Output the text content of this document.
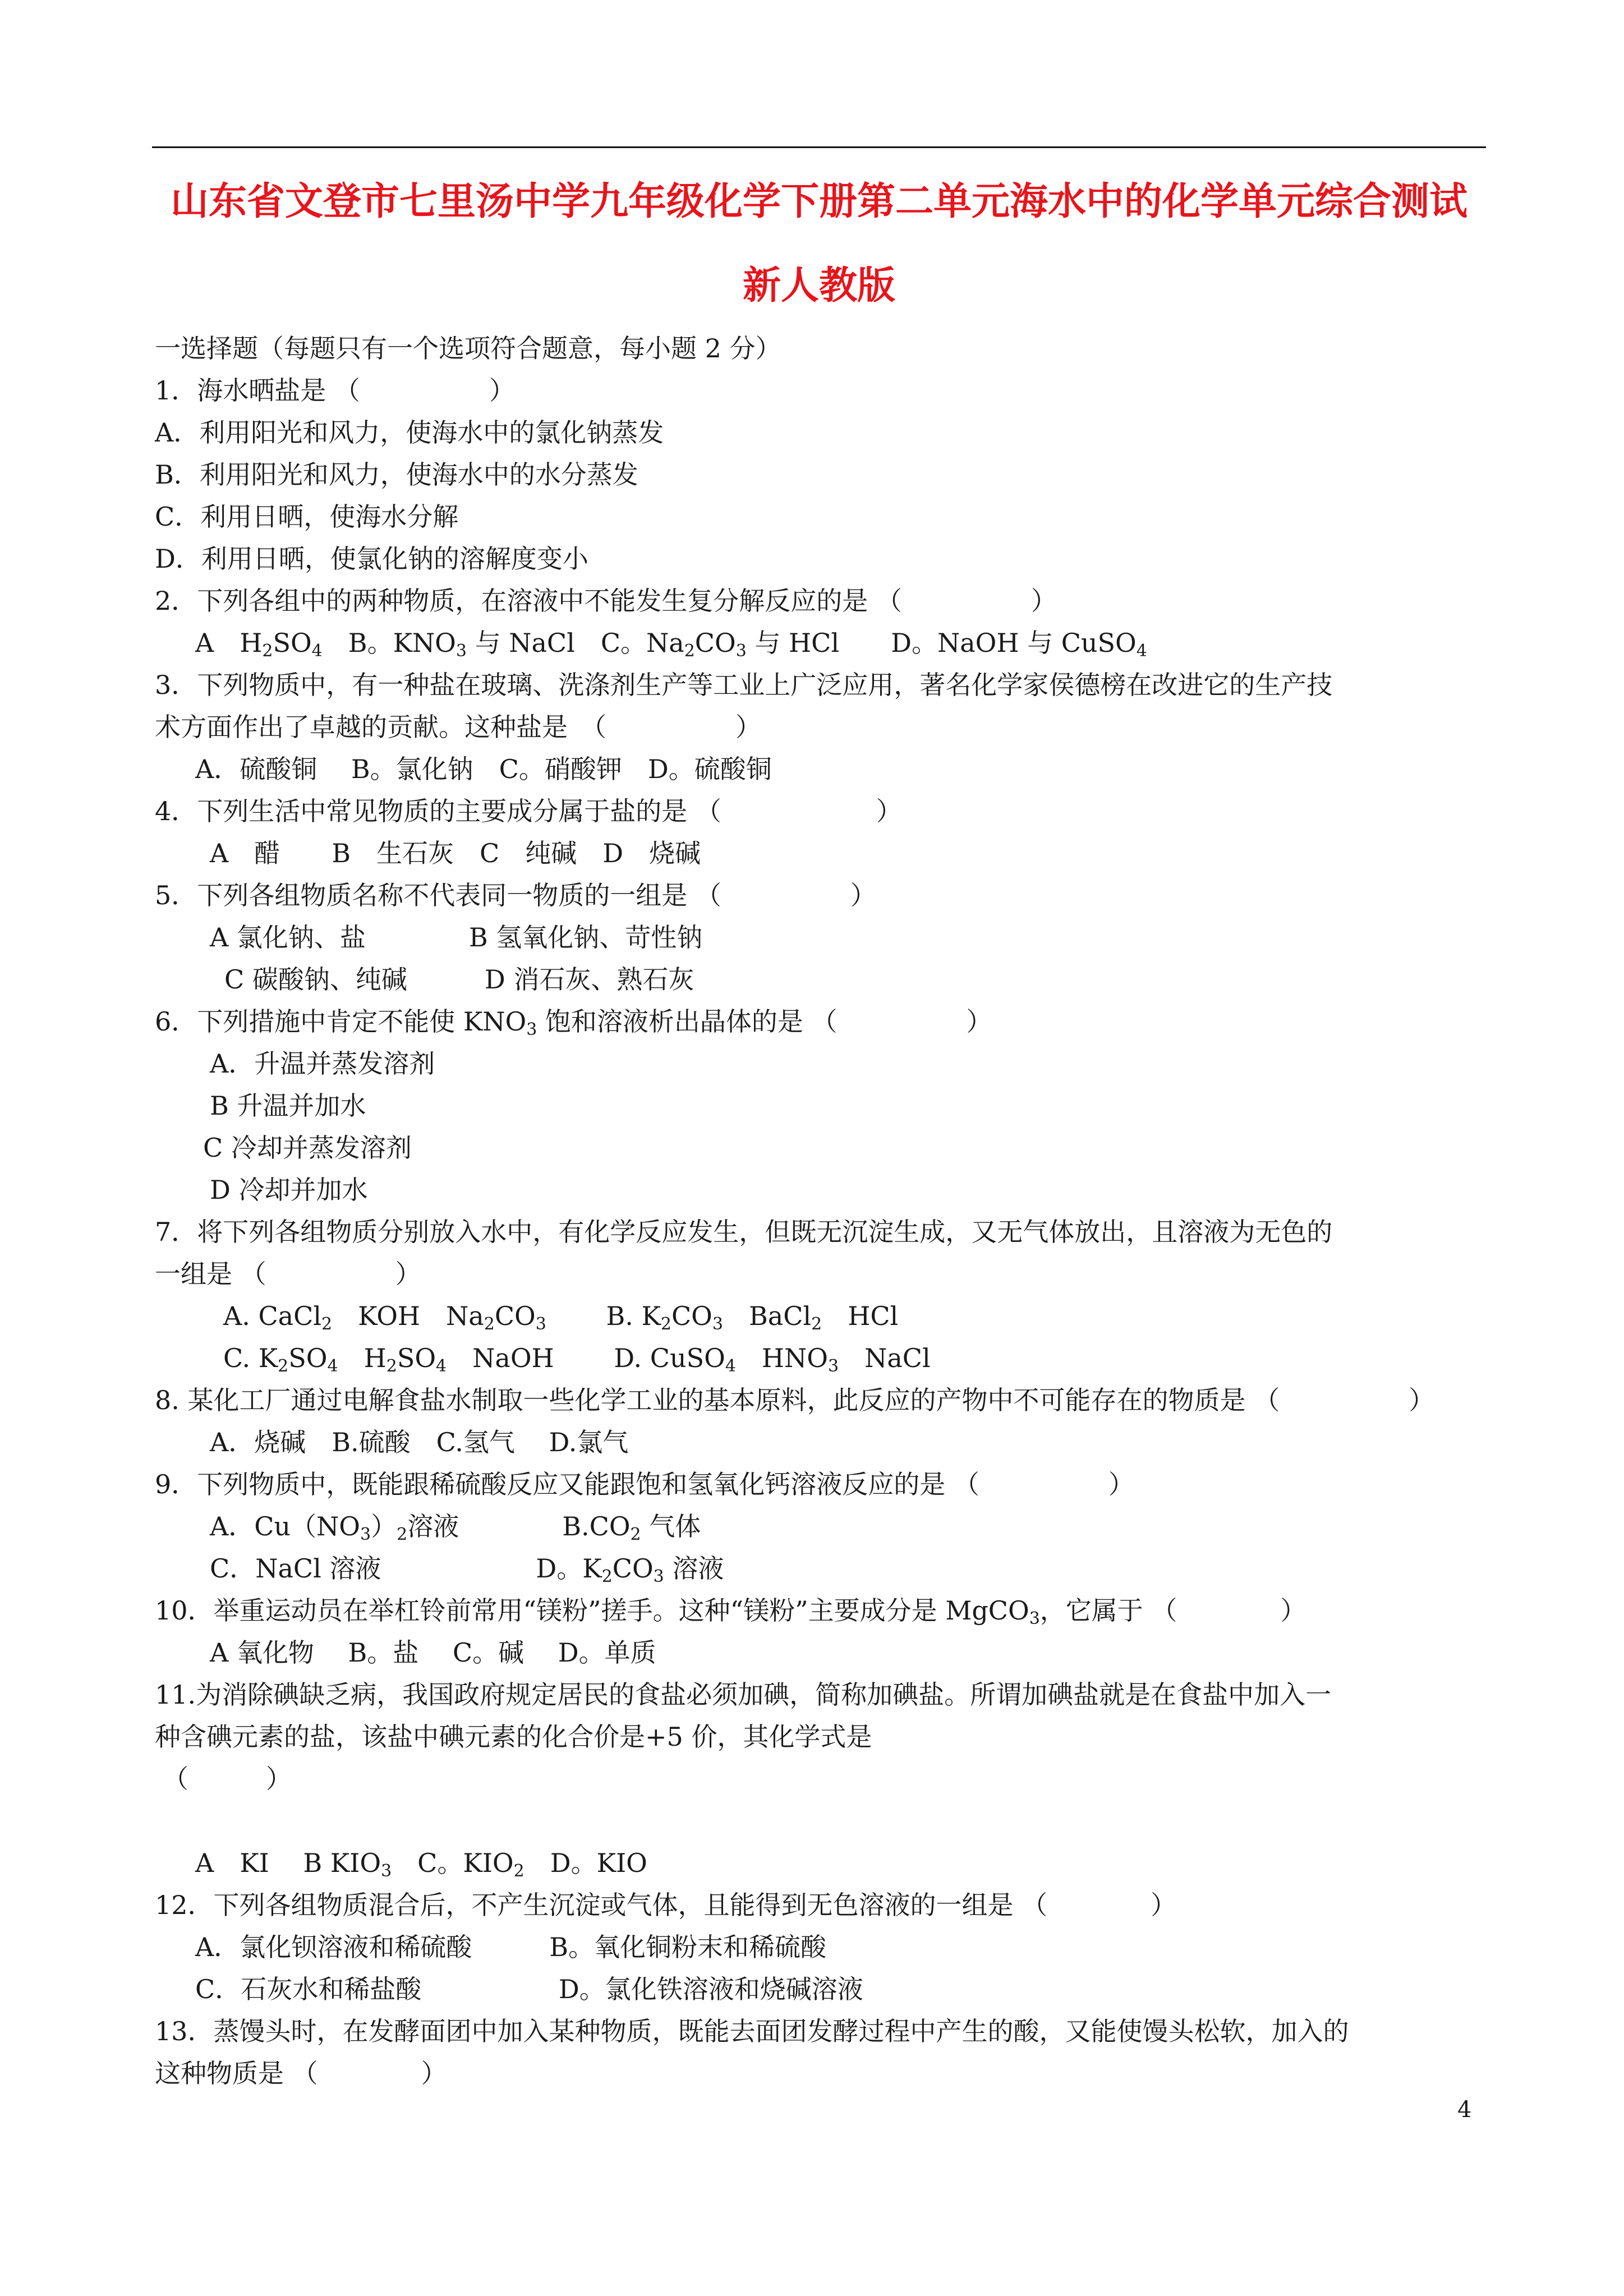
山东省文登市七里汤中学九年级化学下册第二单元海水中的化学单元综合测试
新人教版
一选择题（每题只有一个选项符合题意，每小题 2 分）
1．海水晒盐是 （　　　　　）
A．利用阳光和风力，使海水中的氯化钠蒸发
B．利用阳光和风力，使海水中的水分蒸发
C．利用日晒，使海水分解
D．利用日晒，使氯化钠的溶解度变小
2．下列各组中的两种物质，在溶液中不能发生复分解反应的是 （　　　　　）
A　$H_2SO_4$　B。$KNO_3$ 与 NaCl　C。$Na_2CO_3$ 与 HCl　　D。NaOH 与 CuSO$_4$
3．下列物质中，有一种盐在玻璃、洗涤剂生产等工业上广泛应用，著名化学家侯德榜在改进它的生产技
术方面作出了卓越的贡献。这种盐是　（　　　　　）
A．硫酸铜　 B。氯化钠　C。硝酸钾　D。硫酸铜
4．下列生活中常见物质的主要成分属于盐的是 （　　　　　　）
A　醋　　B　生石灰　C　纯碱　D　烧碱
5．下列各组物质名称不代表同一物质的一组是 （　　　　　）
A 氯化钠、盐　　　　B 氢氧化钠、苛性钠
C 碳酸钠、纯碱　　　D 消石灰、熟石灰
6．下列措施中肯定不能使 $KNO_3$ 饱和溶液析出晶体的是 （　　　　　）
A．升温并蒸发溶剂
B 升温并加水
C 冷却并蒸发溶剂
D 冷却并加水
7．将下列各组物质分别放入水中，有化学反应发生，但既无沉淀生成，又无气体放出，且溶液为无色的
一组是 （　　　　　）
A. CaCl$_2$　KOH　$Na_2CO_3$　　 B. $K_2CO_3$　BaCl$_2$　HCl
C. $K_2SO_4$　$H_2SO_4$　NaOH　　 D. CuSO$_4$　$HNO_3$　NaCl
8. 某化工厂通过电解食盐水制取一些化学工业的基本原料，此反应的产物中不可能存在的物质是 （　　　　　）
A．烧碱　B.硫酸　C.氢气　 D.氯气
9．下列物质中，既能跟稀硫酸反应又能跟饱和氢氧化钙溶液反应的是 （　　　　　）
A．$Cu(NO_3)_2$溶液　　　　$B.CO_2$ 气体
C．NaCl 溶液　　　　　　D。$K_2CO_3$ 溶液
10．举重运动员在举杠铃前常用“镁粉”搓手。这种“镁粉”主要成分是 MgCO$_3$，它属于 （　　　　）
A 氧化物　 B。盐　 C。碱　 D。单质
11.为消除碘缺乏病，我国政府规定居民的食盐必须加碘，简称加碘盐。所谓加碘盐就是在食盐中加入一
种含碘元素的盐，该盐中碘元素的化合价是+5 价，其化学式是
（　　　）
A　KI　 B $KIO_3$　C。$KIO_2$　D。KIO
12．下列各组物质混合后，不产生沉淀或气体，且能得到无色溶液的一组是 （　　　　）
A．氯化钡溶液和稀硫酸　　　B。氧化铜粉末和稀硫酸
C．石灰水和稀盐酸　　　　　 D。氯化铁溶液和烧碱溶液
13．蒸馒头时，在发酵面团中加入某种物质，既能去面团发酵过程中产生的酸，又能使馒头松软，加入的
这种物质是 （　　　　）
4
